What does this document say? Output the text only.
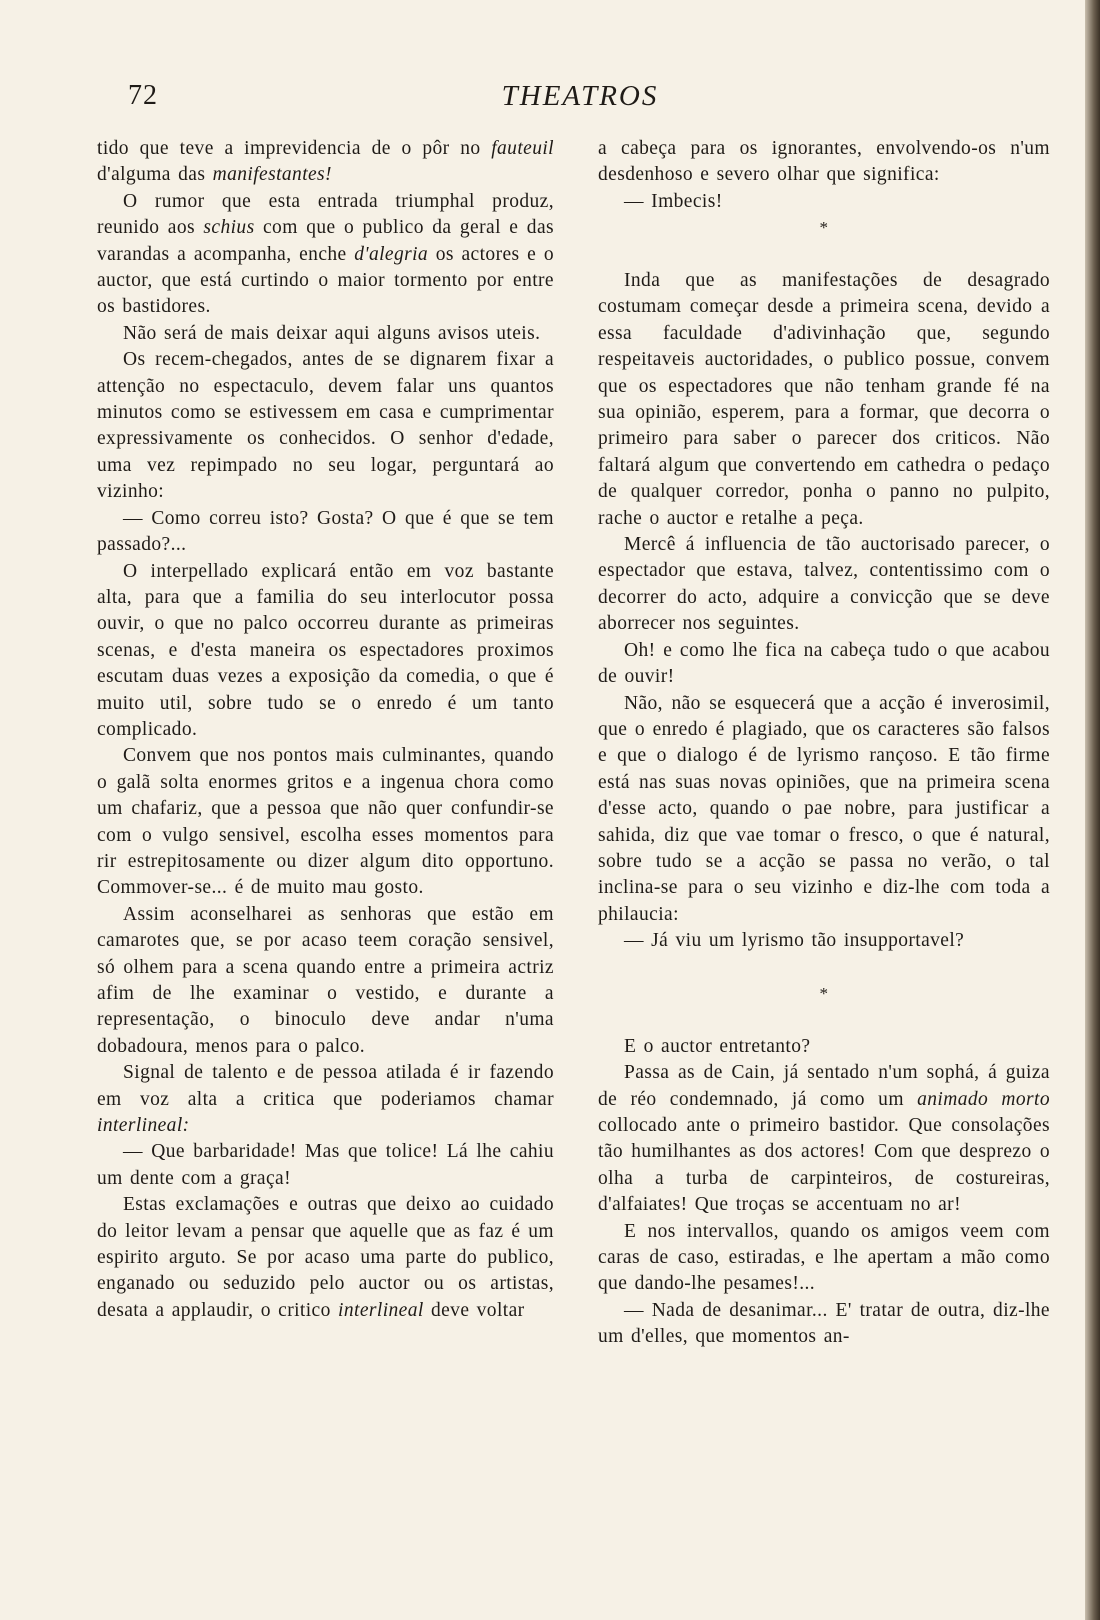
72	THEATROS

tido que teve a imprevidencia de o pôr no fauteuil d'alguma das manifestantes!

O rumor que esta entrada triumphal produz, reunido aos schius com que o publico da geral e das varandas a acompanha, enche d'alegria os actores e o auctor, que está curtindo o maior tormento por entre os bastidores.

Não será de mais deixar aqui alguns avisos uteis.

Os recem-chegados, antes de se dignarem fixar a attenção no espectaculo, devem falar uns quantos minutos como se estivessem em casa e cumprimentar expressivamente os conhecidos. O senhor d'edade, uma vez repimpado no seu logar, perguntará ao vizinho:

— Como correu isto? Gosta? O que é que se tem passado?...

O interpellado explicará então em voz bastante alta, para que a familia do seu interlocutor possa ouvir, o que no palco occorreu durante as primeiras scenas, e d'esta maneira os espectadores proximos escutam duas vezes a exposição da comedia, o que é muito util, sobre tudo se o enredo é um tanto complicado.

Convem que nos pontos mais culminantes, quando o galã solta enormes gritos e a ingenua chora como um chafariz, que a pessoa que não quer confundir-se com o vulgo sensivel, escolha esses momentos para rir estrepitosamente ou dizer algum dito opportuno. Commover-se... é de muito mau gosto.

Assim aconselharei as senhoras que estão em camarotes que, se por acaso teem coração sensivel, só olhem para a scena quando entre a primeira actriz afim de lhe examinar o vestido, e durante a representação, o binoculo deve andar n'uma dobadoura, menos para o palco.

Signal de talento e de pessoa atilada é ir fazendo em voz alta a critica que poderiamos chamar interlineal:

— Que barbaridade! Mas que tolice! Lá lhe cahiu um dente com a graça!

Estas exclamações e outras que deixo ao cuidado do leitor levam a pensar que aquelle que as faz é um espirito arguto. Se por acaso uma parte do publico, enganado ou seduzido pelo auctor ou os artistas, desata a applaudir, o critico interlineal deve voltar

a cabeça para os ignorantes, envolvendo-os n'um desdenhoso e severo olhar que significa:

— Imbecis!

*

Inda que as manifestações de desagrado costumam começar desde a primeira scena, devido a essa faculdade d'adivinhação que, segundo respeitaveis auctoridades, o publico possue, convem que os espectadores que não tenham grande fé na sua opinião, esperem, para a formar, que decorra o primeiro para saber o parecer dos criticos. Não faltará algum que convertendo em cathedra o pedaço de qualquer corredor, ponha o panno no pulpito, rache o auctor e retalhe a peça.

Mercê á influencia de tão auctorisado parecer, o espectador que estava, talvez, contentissimo com o decorrer do acto, adquire a convicção que se deve aborrecer nos seguintes.

Oh! e como lhe fica na cabeça tudo o que acabou de ouvir!

Não, não se esquecerá que a acção é inverosimil, que o enredo é plagiado, que os caracteres são falsos e que o dialogo é de lyrismo rançoso. E tão firme está nas suas novas opiniões, que na primeira scena d'esse acto, quando o pae nobre, para justificar a sahida, diz que vae tomar o fresco, o que é natural, sobre tudo se a acção se passa no verão, o tal inclina-se para o seu vizinho e diz-lhe com toda a philaucia:

— Já viu um lyrismo tão insupportavel?

*

E o auctor entretanto?

Passa as de Cain, já sentado n'um sophá, á guiza de réo condemnado, já como um animado morto collocado ante o primeiro bastidor. Que consolações tão humilhantes as dos actores! Com que desprezo o olha a turba de carpinteiros, de costureiras, d'alfaiates! Que troças se accentuam no ar!

E nos intervallos, quando os amigos veem com caras de caso, estiradas, e lhe apertam a mão como que dando-lhe pesames!...

— Nada de desanimar... E' tratar de outra, diz-lhe um d'elles, que momentos an-
